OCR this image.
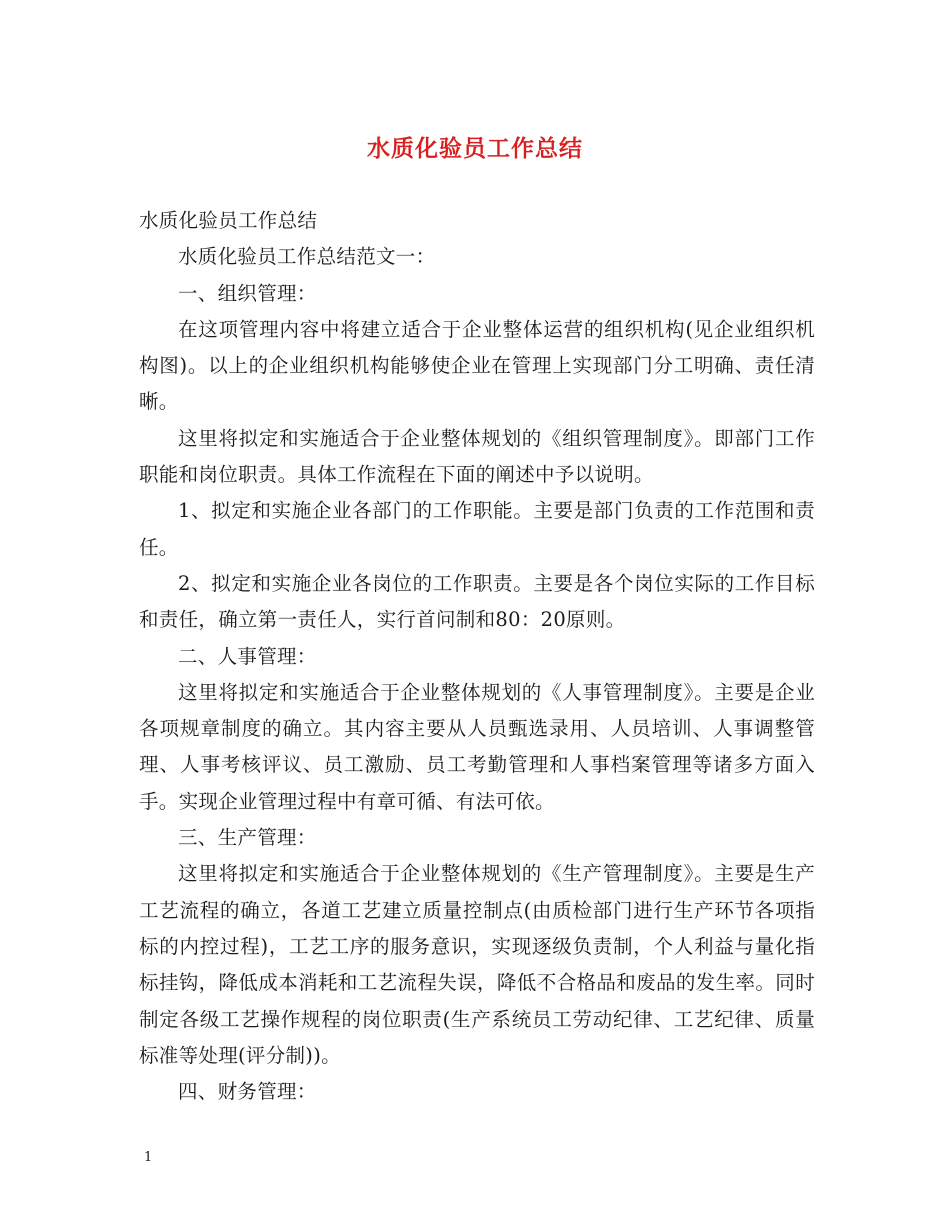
水质化验员工作总结

水质化验员工作总结

水质化验员工作总结范文一：

一、组织管理：

在这项管理内容中将建立适合于企业整体运营的组织机构(见企业组织机构图)。以上的企业组织机构能够使企业在管理上实现部门分工明确、责任清晰。

这里将拟定和实施适合于企业整体规划的《组织管理制度》。即部门工作职能和岗位职责。具体工作流程在下面的阐述中予以说明。

1、拟定和实施企业各部门的工作职能。主要是部门负责的工作范围和责任。

2、拟定和实施企业各岗位的工作职责。主要是各个岗位实际的工作目标和责任，确立第一责任人，实行首问制和80：20原则。

二、人事管理：

这里将拟定和实施适合于企业整体规划的《人事管理制度》。主要是企业各项规章制度的确立。其内容主要从人员甄选录用、人员培训、人事调整管理、人事考核评议、员工激励、员工考勤管理和人事档案管理等诸多方面入手。实现企业管理过程中有章可循、有法可依。

三、生产管理：

这里将拟定和实施适合于企业整体规划的《生产管理制度》。主要是生产工艺流程的确立，各道工艺建立质量控制点(由质检部门进行生产环节各项指标的内控过程)，工艺工序的服务意识，实现逐级负责制，个人利益与量化指标挂钩，降低成本消耗和工艺流程失误，降低不合格品和废品的发生率。同时制定各级工艺操作规程的岗位职责(生产系统员工劳动纪律、工艺纪律、质量标准等处理(评分制))。

四、财务管理：

1
